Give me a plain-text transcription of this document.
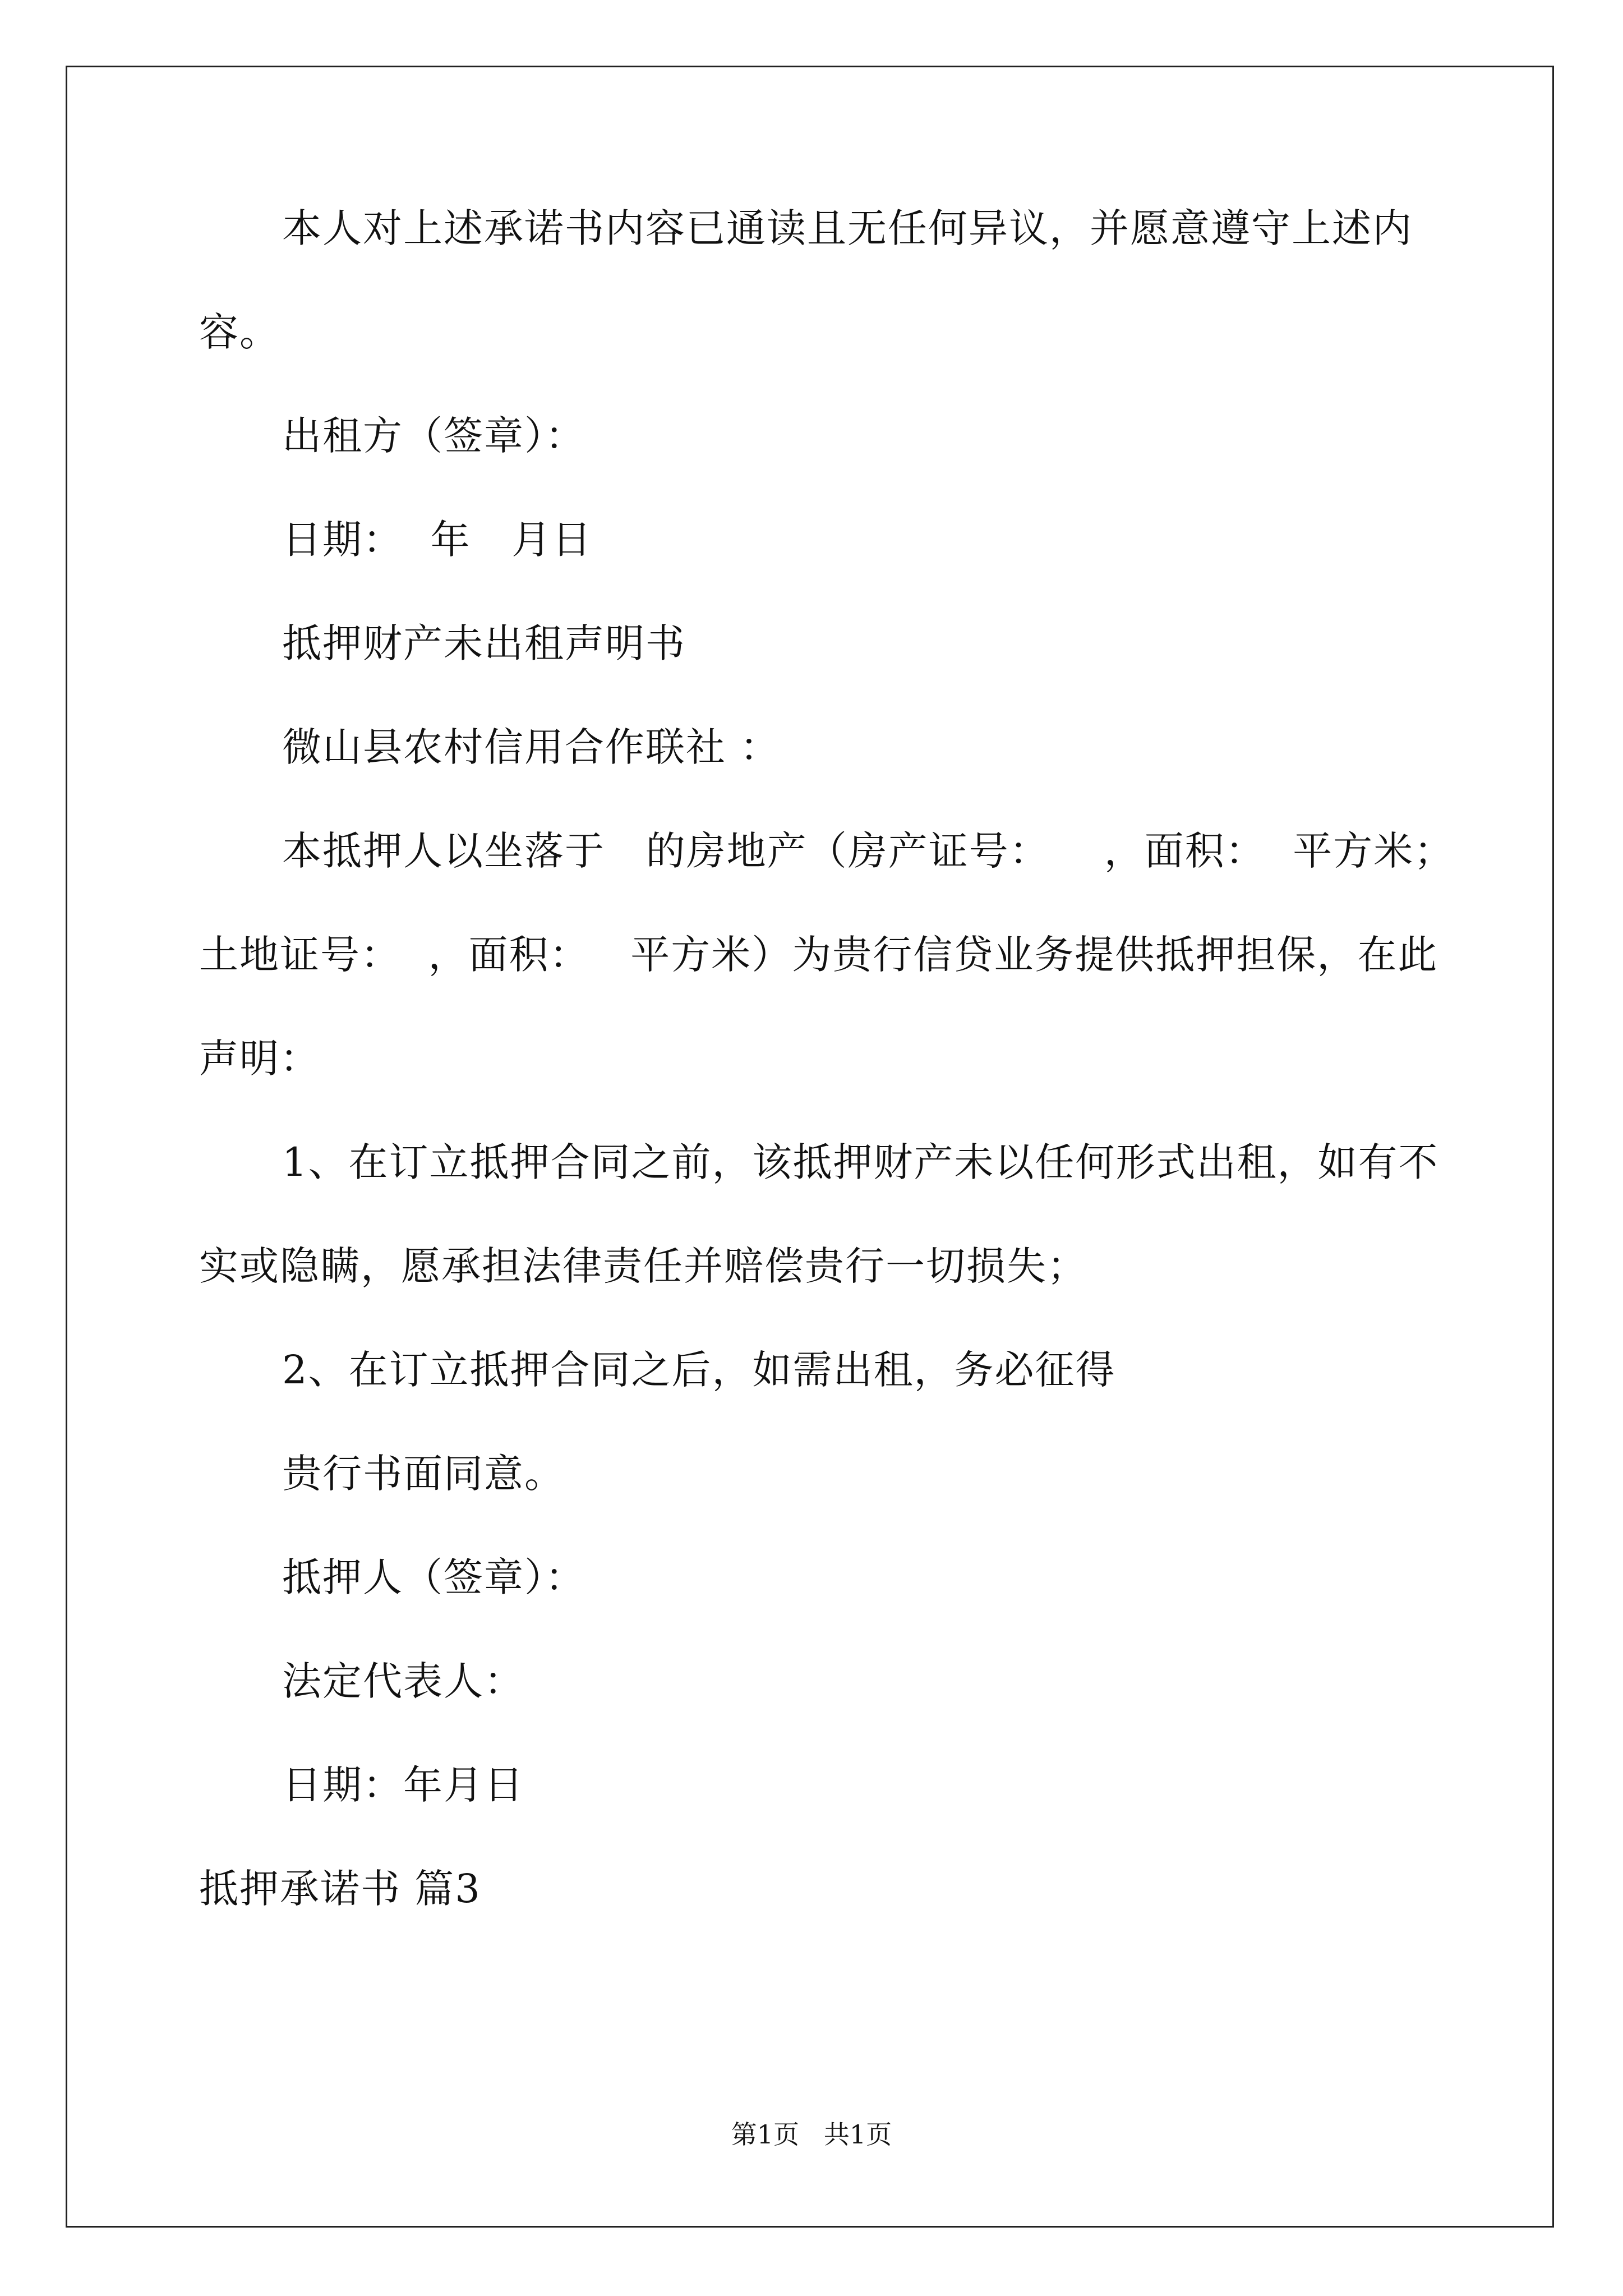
本人对上述承诺书内容已通读且无任何异议，并愿意遵守上述内
容。
出租方（签章）：
日期：  年   月日
抵押财产未出租声明书
微山县农村信用合作联社 ：
本抵押人以坐落于   的房地产（房产证号：    ，面积：  平方米；
土地证号：  ，面积：   平方米）为贵行信贷业务提供抵押担保，在此
声明：
1、在订立抵押合同之前，该抵押财产未以任何形式出租，如有不
实或隐瞒，愿承担法律责任并赔偿贵行一切损失；
2、在订立抵押合同之后，如需出租，务必征得
贵行书面同意。
抵押人（签章）：
法定代表人：
日期：年月日
抵押承诺书 篇3
第1页   共1页
